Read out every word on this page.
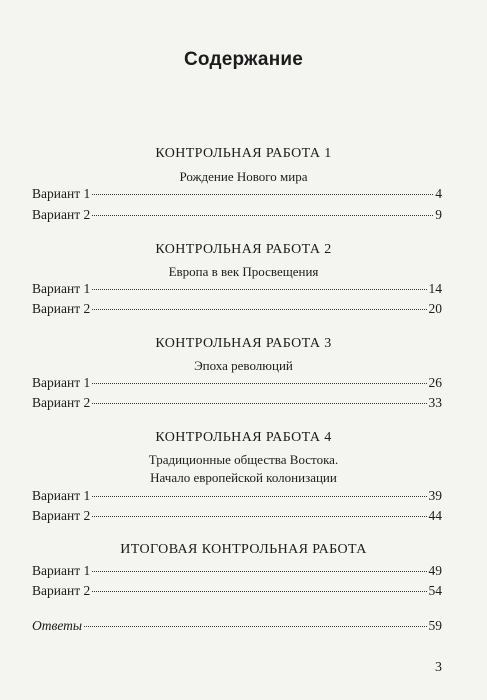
Содержание
КОНТРОЛЬНАЯ РАБОТА 1
Рождение Нового мира
Вариант 1	4
Вариант 2	9
КОНТРОЛЬНАЯ РАБОТА 2
Европа в век Просвещения
Вариант 1	14
Вариант 2	20
КОНТРОЛЬНАЯ РАБОТА 3
Эпоха революций
Вариант 1	26
Вариант 2	33
КОНТРОЛЬНАЯ РАБОТА 4
Традиционные общества Востока.
Начало европейской колонизации
Вариант 1	39
Вариант 2	44
ИТОГОВАЯ КОНТРОЛЬНАЯ РАБОТА
Вариант 1	49
Вариант 2	54
Ответы	59
3
